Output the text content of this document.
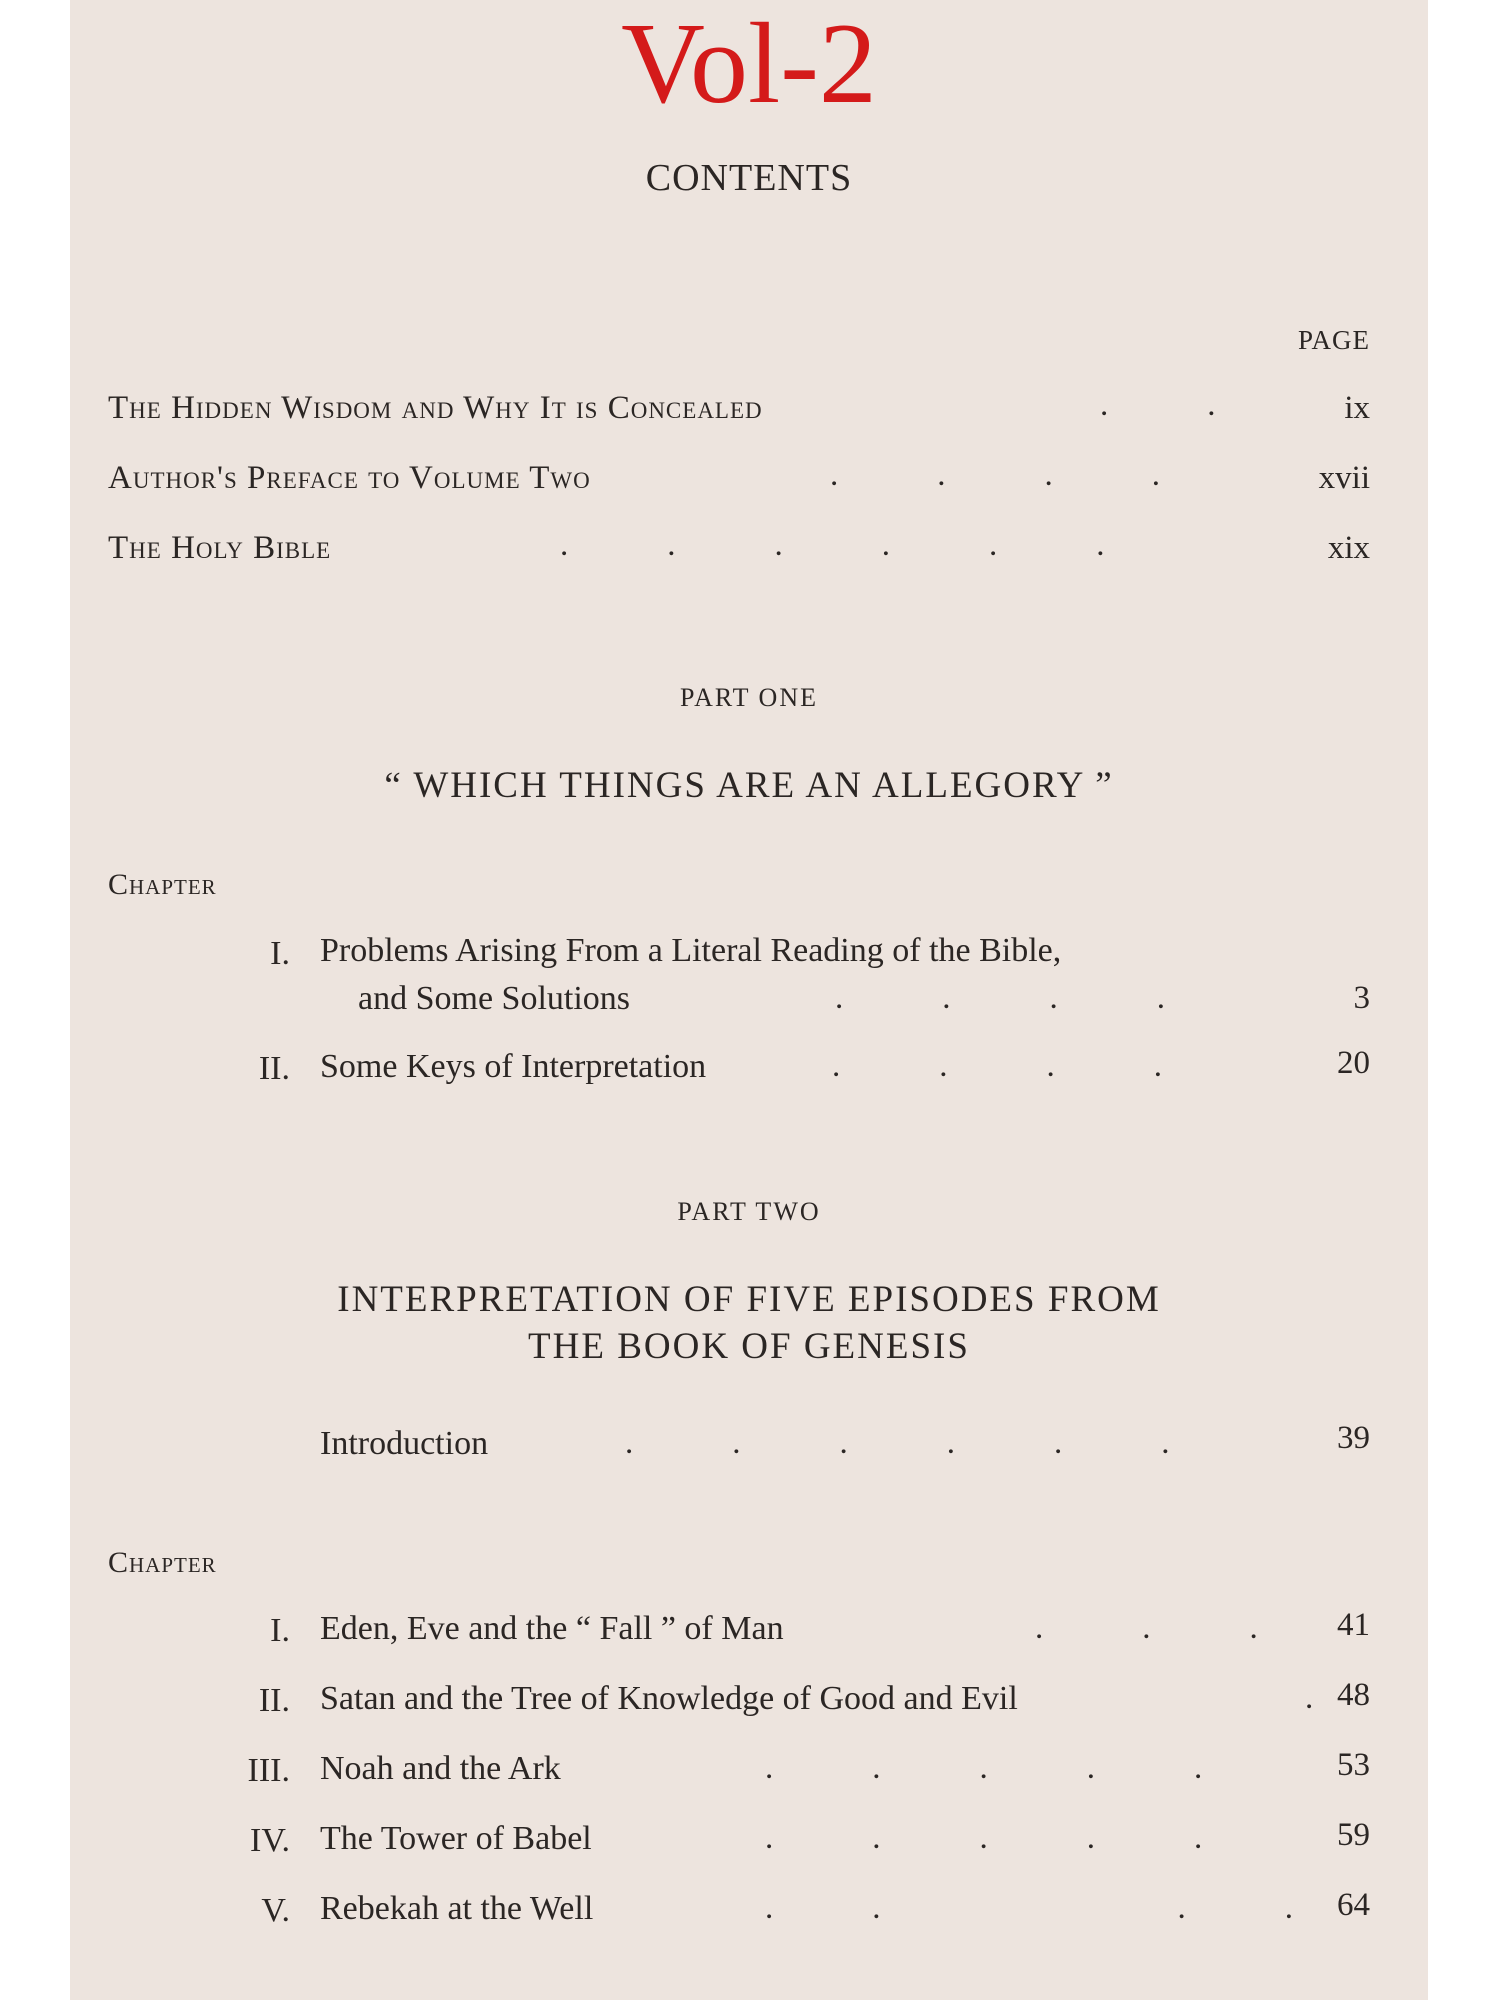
Vol-2
CONTENTS
PAGE
The Hidden Wisdom and Why It is Concealed	ix
.            .
Author's Preface to Volume Two	xvii
.            .            .            .
The Holy Bible	xix
.            .            .            .            .            .
PART ONE
“ WHICH THINGS ARE AN ALLEGORY ”
Chapter
I. Problems Arising From a Literal Reading of the Bible,
and Some Solutions	.            .            .            .	3
II. Some Keys of Interpretation	.            .            .            .	20
PART TWO
INTERPRETATION OF FIVE EPISODES FROM
THE BOOK OF GENESIS
Introduction	.            .            .            .            .            .	39
Chapter
I. Eden, Eve and the “ Fall ” of Man	.            .            . 41
II. Satan and the Tree of Knowledge of Good and Evil	. 48
III. Noah and the Ark	.            .            .            .            .	53
IV. The Tower of Babel	.            .            .            .            .	59
V. Rebekah at the Well	.            .                                    .            . 64
